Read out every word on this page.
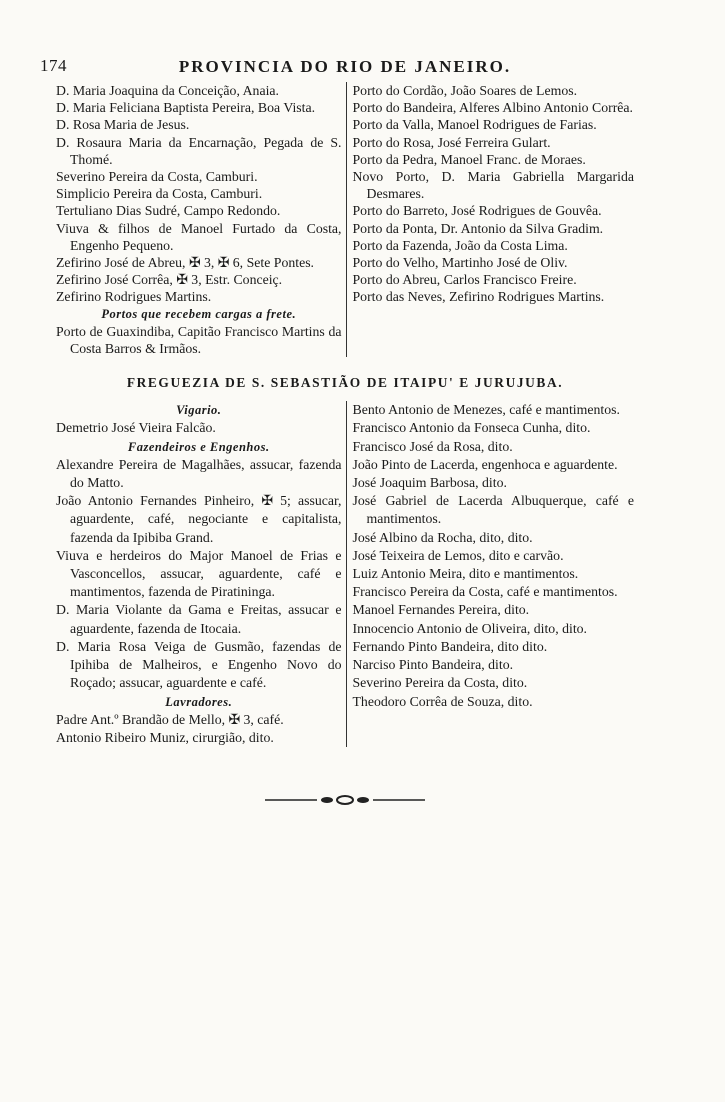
174	PROVINCIA DO RIO DE JANEIRO.
D. Maria Joaquina da Conceição, Anaia.
D. Maria Feliciana Baptista Pereira, Boa Vista.
D. Rosa Maria de Jesus.
D. Rosaura Maria da Encarnação, Pegada de S. Thomé.
Severino Pereira da Costa, Camburi.
Simplicio Pereira da Costa, Camburi.
Tertuliano Dias Sudré, Campo Redondo.
Viuva & filhos de Manoel Furtado da Costa, Engenho Pequeno.
Zefirino José de Abreu, ✠ 3, ✠ 6, Sete Pontes.
Zefirino José Corrêa, ✠ 3, Estr. Conceiç.
Zefirino Rodrigues Martins.
Portos que recebem cargas a frete.
Porto de Guaxindiba, Capitão Francisco Martins da Costa Barros & Irmãos.
Porto do Cordão, João Soares de Lemos.
Porto do Bandeira, Alferes Albino Antonio Corrêa.
Porto da Valla, Manoel Rodrigues de Farias.
Porto do Rosa, José Ferreira Gulart.
Porto da Pedra, Manoel Franc. de Moraes.
Novo Porto, D. Maria Gabriella Margarida Desmares.
Porto do Barreto, José Rodrigues de Gouvêa.
Porto da Ponta, Dr. Antonio da Silva Gradim.
Porto da Fazenda, João da Costa Lima.
Porto do Velho, Martinho José de Oliv.
Porto do Abreu, Carlos Francisco Freire.
Porto das Neves, Zefirino Rodrigues Martins.
FREGUEZIA DE S. SEBASTIÃO DE ITAIPU' E JURUJUBA.
Vigario.
Demetrio José Vieira Falcão.
Fazendeiros e Engenhos.
Alexandre Pereira de Magalhães, assucar, fazenda do Matto.
João Antonio Fernandes Pinheiro, ✠ 5; assucar, aguardente, café, negociante e capitalista, fazenda da Ipibiba Grand.
Viuva e herdeiros do Major Manoel de Frias e Vasconcellos, assucar, aguardente, café e mantimentos, fazenda de Piratininga.
D. Maria Violante da Gama e Freitas, assucar e aguardente, fazenda de Itocaia.
D. Maria Rosa Veiga de Gusmão, fazendas de Ipihiba de Malheiros, e Engenho Novo do Roçado; assucar, aguardente e café.
Lavradores.
Padre Ant.º Brandão de Mello, ✠ 3, café.
Antonio Ribeiro Muniz, cirurgião, dito.
Bento Antonio de Menezes, café e mantimentos.
Francisco Antonio da Fonseca Cunha, dito.
Francisco José da Rosa, dito.
João Pinto de Lacerda, engenhoca e aguardente.
José Joaquim Barbosa, dito.
José Gabriel de Lacerda Albuquerque, café e mantimentos.
José Albino da Rocha, dito, dito.
José Teixeira de Lemos, dito e carvão.
Luiz Antonio Meira, dito e mantimentos.
Francisco Pereira da Costa, café e mantimentos.
Manoel Fernandes Pereira, dito.
Innocencio Antonio de Oliveira, dito, dito.
Fernando Pinto Bandeira, dito dito.
Narciso Pinto Bandeira, dito.
Severino Pereira da Costa, dito.
Theodoro Corrêa de Souza, dito.
